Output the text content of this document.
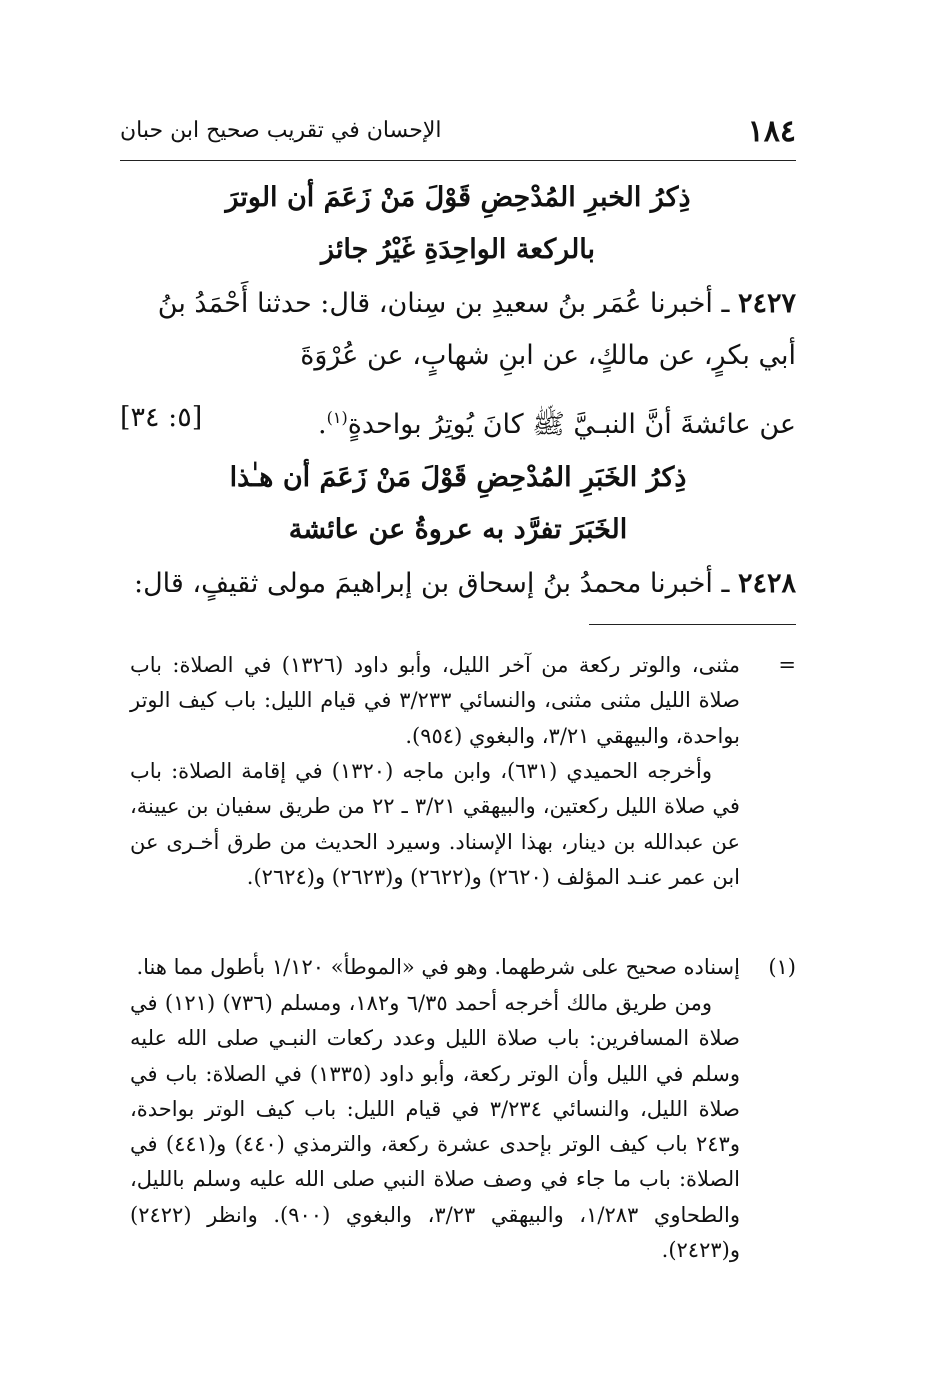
١٨٤
الإحسان في تقريب صحيح ابن حبان
ذِكرُ الخبرِ المُدْحِضِ قَوْلَ مَنْ زَعَمَ أن الوترَ
بالركعة الواحِدَةِ غَيْرُ جائز
٢٤٢٧ ـ أخبرنا عُمَر بنُ سعيدِ بن سِنان، قال: حدثنا أَحْمَدُ بنُ
أبي بكرٍ، عن مالكٍ، عن ابنِ شهابٍ، عن عُرْوَةَ
عن عائشةَ أنَّ النبـيَّ ﷺ كانَ يُوتِرُ بواحدةٍ$^{(١)}$.
[٥: ٣٤]
ذِكرُ الخَبَرِ المُدْحِضِ قَوْلَ مَنْ زَعَمَ أن هـٰذا
الخَبَرَ تفرَّد به عروةُ عن عائشة
٢٤٢٨ ـ أخبرنا محمدُ بنُ إسحاق بن إبراهيمَ مولى ثقيفٍ، قال:
=
مثنى، والوتر ركعة من آخر الليل، وأبو داود (١٣٢٦) في الصلاة: باب صلاة الليل مثنى مثنى، والنسائي ٣/٢٣٣ في قيام الليل: باب كيف الوتر بواحدة، والبيهقي ٣/٢١، والبغوي (٩٥٤).
وأخرجه الحميدي (٦٣١)، وابن ماجه (١٣٢٠) في إقامة الصلاة: باب في صلاة الليل ركعتين، والبيهقي ٣/٢١ ـ ٢٢ من طريق سفيان بن عيينة، عن عبدالله بن دينار، بهذا الإسناد. وسيرد الحديث من طرق أخـرى عن ابن عمر عنـد المؤلف (٢٦٢٠) و(٢٦٢٢) و(٢٦٢٣) و(٢٦٢٤).
(١)
إسناده صحيح على شرطهما. وهو في «الموطأ» ١/١٢٠ بأطول مما هنا.
ومن طريق مالك أخرجه أحمد ٦/٣٥ و١٨٢، ومسلم (٧٣٦) (١٢١) في صلاة المسافرين: باب صلاة الليل وعدد ركعات النبـي صلى الله عليه وسلم في الليل وأن الوتر ركعة، وأبو داود (١٣٣٥) في الصلاة: باب في صلاة الليل، والنسائي ٣/٢٣٤ في قيام الليل: باب كيف الوتر بواحدة، و٢٤٣ باب كيف الوتر بإحدى عشرة ركعة، والترمذي (٤٤٠) و(٤٤١) في الصلاة: باب ما جاء في وصف صلاة النبي صلى الله عليه وسلم بالليل، والطحاوي ١/٢٨٣، والبيهقي ٣/٢٣، والبغوي (٩٠٠). وانظر (٢٤٢٢) و(٢٤٢٣).
